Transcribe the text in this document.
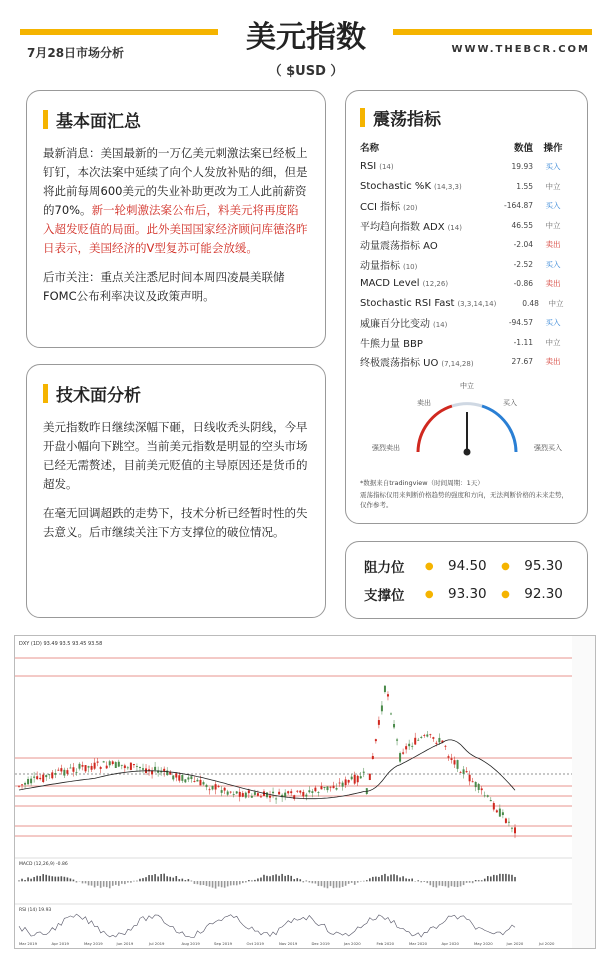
7月28日市场分析	美元指数
（ $USD ）
WWW.THEBCR.COM
基本面汇总

最新消息：美国最新的一万亿美元刺激法案已经板上钉钉，本次法案中延续了向个人发放补贴的细，但是将此前每周600美元的失业补助更改为工人此前薪资的70%。新一轮刺激法案公布后，料美元将再度陷入超发贬值的局面。此外美国国家经济顾问库德洛昨日表示，美国经济的V型复苏可能会放缓。

后市关注：重点关注悉尼时间本周四凌晨美联储FOMC公布利率决议及政策声明。

技术面分析

美元指数昨日继续深幅下砸，日线收秃头阴线，今早开盘小幅向下跳空。当前美元指数是明显的空头市场已经无需赘述，目前美元贬值的主导原因还是货币的超发。

在毫无回调超跌的走势下，技术分析已经暂时性的失去意义。后市继续关注下方支撑位的破位情况。

震荡指标
名称	数值	操作
RSI (14)	19.93	买入
Stochastic %K (14,3,3)	1.55	中立
CCI 指标 (20)	-164.87	买入
平均趋向指数 ADX (14)	46.55	中立
动量震荡指标 AO	-2.04	卖出
动量指标 (10)	-2.52	买入
MACD Level (12,26)	-0.86	卖出
Stochastic RSI Fast (3,3,14,14)	0.48	中立
威廉百分比变动 (14)	-94.57	买入
牛熊力量 BBP	-1.11	中立
终极震荡指标 UO (7,14,28)	27.67	卖出
中立
卖出	买入
强烈卖出	强烈买入
*数据来自tradingview（时间周期：1天）
震荡指标仅用来判断价格趋势的强度和方向，无法判断价格的未来走势，仅作参考。
阻力位	●	94.50	●	95.30
支撑位	●	93.30	●	92.30
DXY (1D) 93.49 93.5 93.45 93.58
MACD (12,26,9) -0.86
RSI (14) 19.93
Mar 2019	Apr 2019	May 2019	Jun 2019	Jul 2019	Aug 2019	Sep 2019	Oct 2019	Nov 2019	Dec 2019	Jan 2020	Feb 2020	Mar 2020	Apr 2020	May 2020	Jun 2020	Jul 2020
